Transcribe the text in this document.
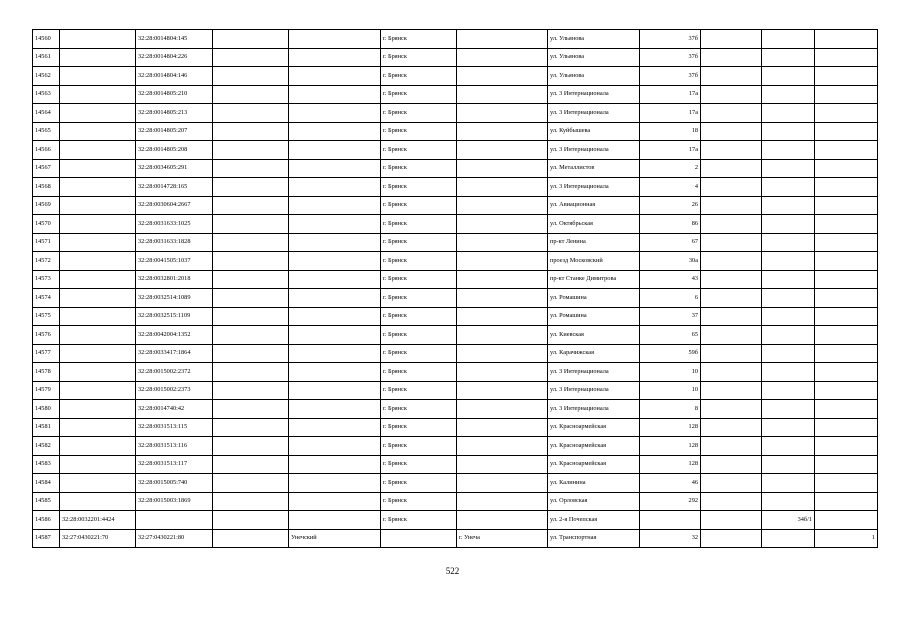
14560		32:28:0014804:145			г. Брянск		ул. Ульянова	37б			
14561		32:28:0014804:226			г. Брянск		ул. Ульянова	37б			
14562		32:28:0014804:146			г. Брянск		ул. Ульянова	37б			
14563		32:28:0014805:210			г. Брянск		ул. 3 Интернационала	17а			
14564		32:28:0014805:213			г. Брянск		ул. 3 Интернационала	17а			
14565		32:28:0014805:207			г. Брянск		ул. Куйбышева	18			
14566		32:28:0014805:208			г. Брянск		ул. 3 Интернационала	17а			
14567		32:28:0034605:291			г. Брянск		ул. Металлистов	2			
14568		32:28:0014728:165			г. Брянск		ул. 3 Интернационала	4			
14569		32:28:0030604:2667			г. Брянск		ул. Авиационная	26			
14570		32:28:0031633:1025			г. Брянск		ул. Октябрьская	86			
14571		32:28:0031633:1828			г. Брянск		пр-кт Ленина	67			
14572		32:28:0041505:1037			г. Брянск		проезд Московский	30а			
14573		32:28:0032801:2018			г. Брянск		пр-кт Станке Димитрова	43			
14574		32:28:0032514:1089			г. Брянск		ул. Ромашина	6			
14575		32:28:0032515:1109			г. Брянск		ул. Ромашина	37			
14576		32:28:0042004:1352			г. Брянск		ул. Киевская	65			
14577		32:28:0033417:1864			г. Брянск		ул. Карачижская	59б			
14578		32:28:0015002:2372			г. Брянск		ул. 3 Интернационала	10			
14579		32:28:0015002:2373			г. Брянск		ул. 3 Интернационала	10			
14580		32:28:0014740:42			г. Брянск		ул. 3 Интернационала	8			
14581		32:28:0031513:115			г. Брянск		ул. Красноармейская	128			
14582		32:28:0031513:116			г. Брянск		ул. Красноармейская	128			
14583		32:28:0031513:117			г. Брянск		ул. Красноармейская	128			
14584		32:28:0015005:740			г. Брянск		ул. Калинина	46			
14585		32:28:0015003:1869			г. Брянск		ул. Орловская	292			
14586	32:28:0032201:4424				г. Брянск		ул. 2-я Почепская			34б/1	
14587	32:27:0430221:70	32:27:0430221:80		Унечский		г. Унеча	ул. Транспортная	32			1
522
